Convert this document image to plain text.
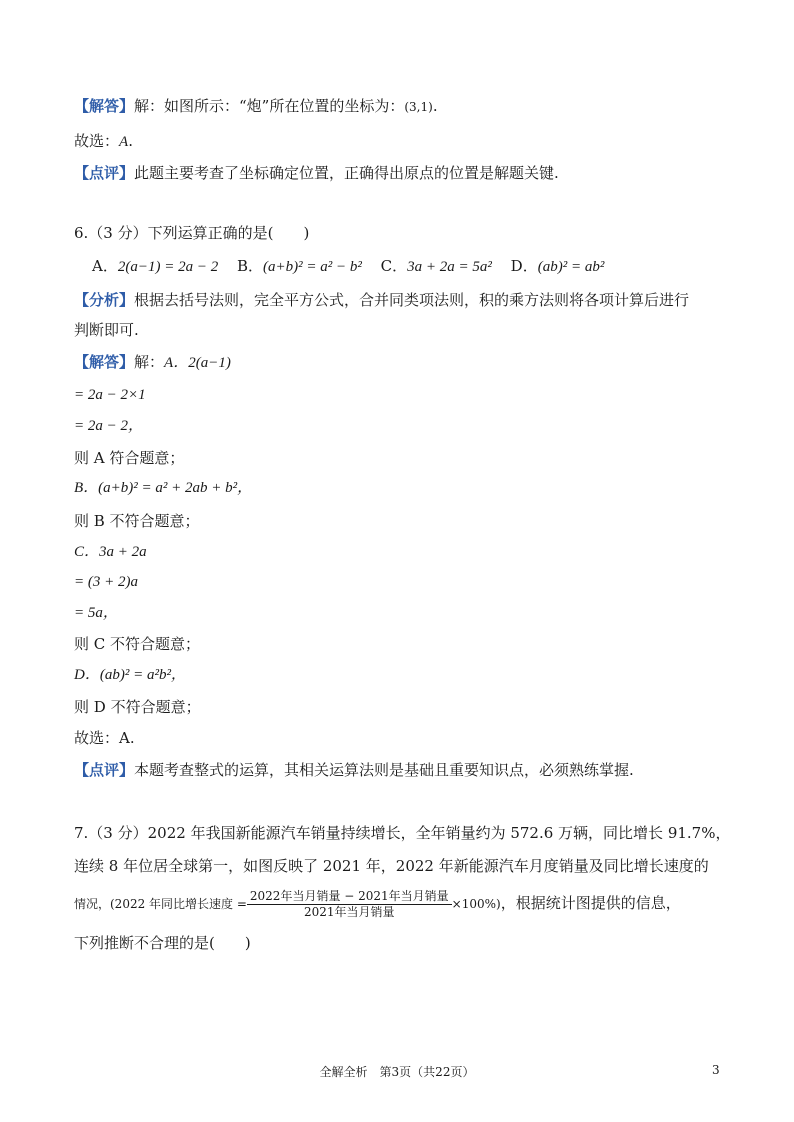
【解答】解：如图所示：“炮”所在位置的坐标为：(3,1).
故选：A.
【点评】此题主要考查了坐标确定位置，正确得出原点的位置是解题关键.
6.（3 分）下列运算正确的是(　　)
A．2(a−1) = 2a − 2 B．(a+b)² = a² − b² C．3a + 2a = 5a² D．(ab)² = ab²
【分析】根据去括号法则，完全平方公式，合并同类项法则，积的乘方法则将各项计算后进行
判断即可.
【解答】解：A．2(a−1)
= 2a − 2×1
= 2a − 2，
则 A 符合题意；
B．(a+b)² = a² + 2ab + b²，
则 B 不符合题意；
C．3a + 2a
= (3 + 2)a
= 5a，
则 C 不符合题意；
D．(ab)² = a²b²，
则 D 不符合题意；
故选：A.
【点评】本题考查整式的运算，其相关运算法则是基础且重要知识点，必须熟练掌握.
7.（3 分）2022 年我国新能源汽车销量持续增长，全年销量约为 572.6 万辆，同比增长 91.7%，
连续 8 年位居全球第一，如图反映了 2021 年，2022 年新能源汽车月度销量及同比增长速度的
情况，(2022 年同比增长速度 = $\frac{\text{2022年当月销量 − 2021年当月销量}}{\text{2021年当月销量}} \times 100\%$)，根据统计图提供的信息，
下列推断不合理的是(　　)
全解全析　第3页（共22页）	3
